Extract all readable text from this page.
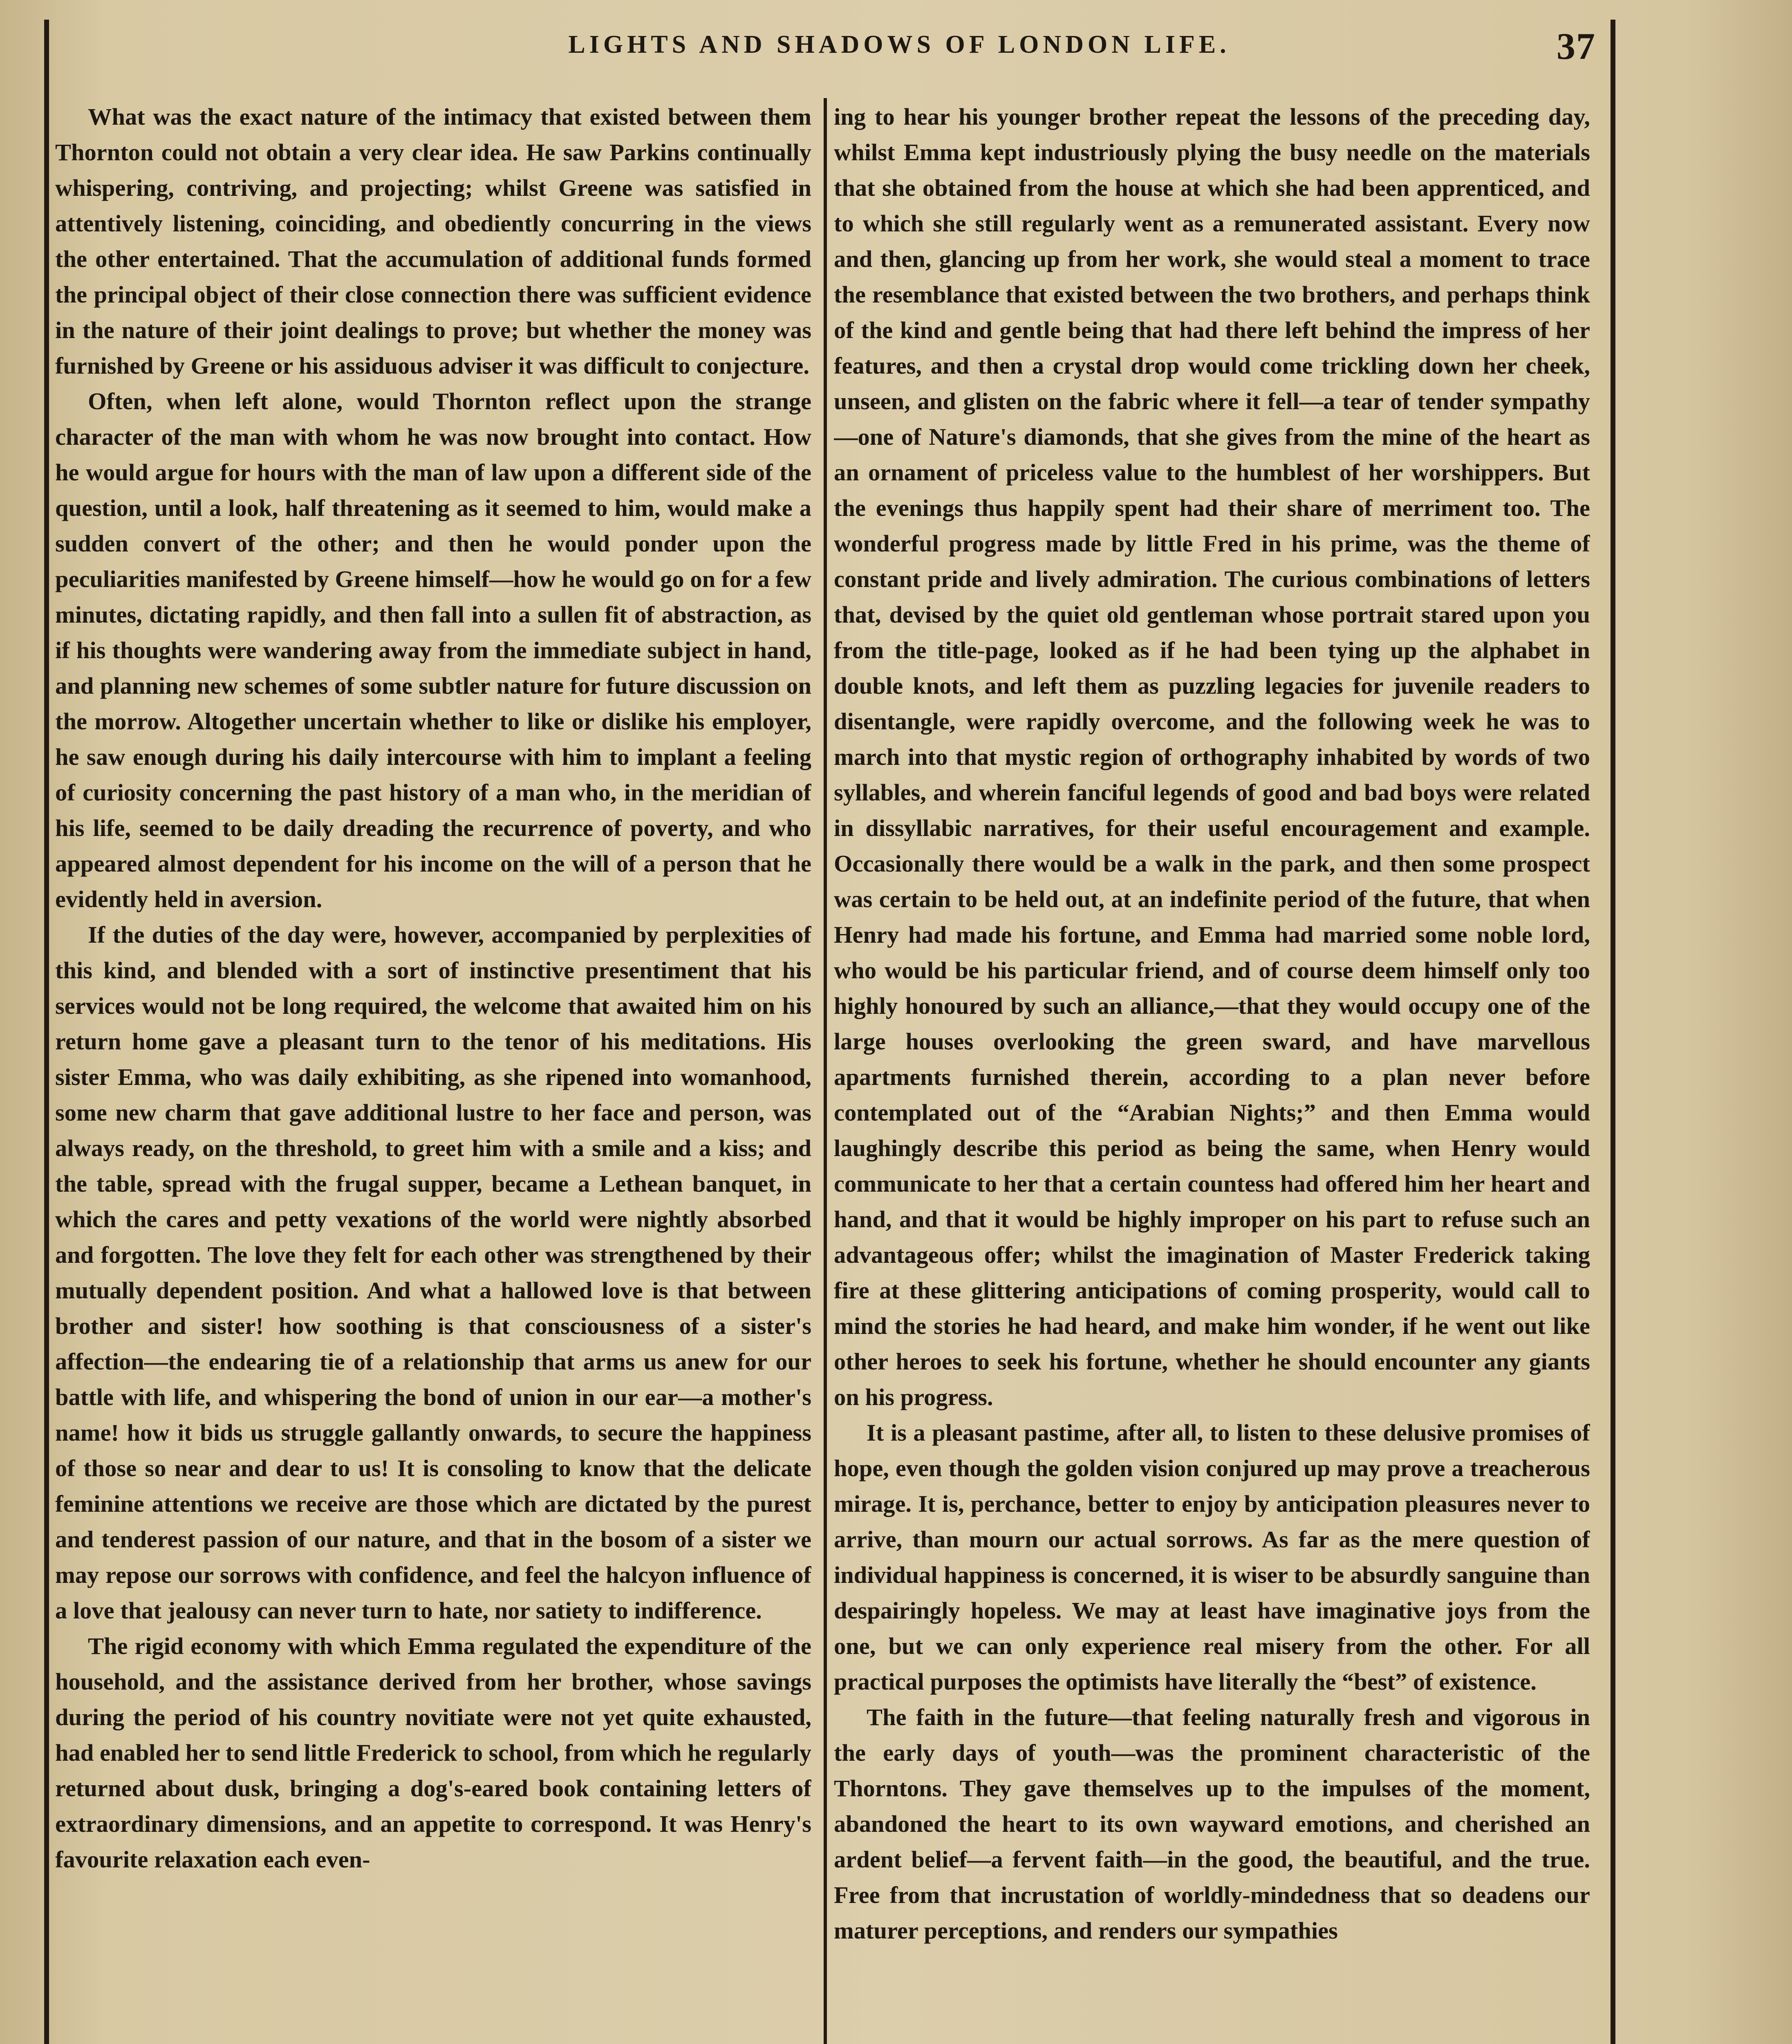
LIGHTS AND SHADOWS OF LONDON LIFE.	37

What was the exact nature of the intimacy that existed between them Thornton could not obtain a very clear idea. He saw Parkins continually whispering, contriving, and projecting; whilst Greene was satisfied in attentively listening, coinciding, and obediently concurring in the views the other entertained. That the accumulation of additional funds formed the principal object of their close connection there was sufficient evidence in the nature of their joint dealings to prove; but whether the money was furnished by Greene or his assiduous adviser it was difficult to conjecture.

Often, when left alone, would Thornton reflect upon the strange character of the man with whom he was now brought into contact. How he would argue for hours with the man of law upon a different side of the question, until a look, half threatening as it seemed to him, would make a sudden convert of the other; and then he would ponder upon the peculiarities manifested by Greene himself—how he would go on for a few minutes, dictating rapidly, and then fall into a sullen fit of abstraction, as if his thoughts were wandering away from the immediate subject in hand, and planning new schemes of some subtler nature for future discussion on the morrow. Altogether uncertain whether to like or dislike his employer, he saw enough during his daily intercourse with him to implant a feeling of curiosity concerning the past history of a man who, in the meridian of his life, seemed to be daily dreading the recurrence of poverty, and who appeared almost dependent for his income on the will of a person that he evidently held in aversion.

If the duties of the day were, however, accompanied by perplexities of this kind, and blended with a sort of instinctive presentiment that his services would not be long required, the welcome that awaited him on his return home gave a pleasant turn to the tenor of his meditations. His sister Emma, who was daily exhibiting, as she ripened into womanhood, some new charm that gave additional lustre to her face and person, was always ready, on the threshold, to greet him with a smile and a kiss; and the table, spread with the frugal supper, became a Lethean banquet, in which the cares and petty vexations of the world were nightly absorbed and forgotten. The love they felt for each other was strengthened by their mutually dependent position. And what a hallowed love is that between brother and sister! how soothing is that consciousness of a sister's affection—the endearing tie of a relationship that arms us anew for our battle with life, and whispering the bond of union in our ear—a mother's name! how it bids us struggle gallantly onwards, to secure the happiness of those so near and dear to us! It is consoling to know that the delicate feminine attentions we receive are those which are dictated by the purest and tenderest passion of our nature, and that in the bosom of a sister we may repose our sorrows with confidence, and feel the halcyon influence of a love that jealousy can never turn to hate, nor satiety to indifference.

The rigid economy with which Emma regulated the expenditure of the household, and the assistance derived from her brother, whose savings during the period of his country novitiate were not yet quite exhausted, had enabled her to send little Frederick to school, from which he regularly returned about dusk, bringing a dog's-eared book containing letters of extraordinary dimensions, and an appetite to correspond. It was Henry's favourite relaxation each even-

ing to hear his younger brother repeat the lessons of the preceding day, whilst Emma kept industriously plying the busy needle on the materials that she obtained from the house at which she had been apprenticed, and to which she still regularly went as a remunerated assistant. Every now and then, glancing up from her work, she would steal a moment to trace the resemblance that existed between the two brothers, and perhaps think of the kind and gentle being that had there left behind the impress of her features, and then a crystal drop would come trickling down her cheek, unseen, and glisten on the fabric where it fell—a tear of tender sympathy—one of Nature's diamonds, that she gives from the mine of the heart as an ornament of priceless value to the humblest of her worshippers. But the evenings thus happily spent had their share of merriment too. The wonderful progress made by little Fred in his prime, was the theme of constant pride and lively admiration. The curious combinations of letters that, devised by the quiet old gentleman whose portrait stared upon you from the title-page, looked as if he had been tying up the alphabet in double knots, and left them as puzzling legacies for juvenile readers to disentangle, were rapidly overcome, and the following week he was to march into that mystic region of orthography inhabited by words of two syllables, and wherein fanciful legends of good and bad boys were related in dissyllabic narratives, for their useful encouragement and example. Occasionally there would be a walk in the park, and then some prospect was certain to be held out, at an indefinite period of the future, that when Henry had made his fortune, and Emma had married some noble lord, who would be his particular friend, and of course deem himself only too highly honoured by such an alliance,—that they would occupy one of the large houses overlooking the green sward, and have marvellous apartments furnished therein, according to a plan never before contemplated out of the “Arabian Nights;” and then Emma would laughingly describe this period as being the same, when Henry would communicate to her that a certain countess had offered him her heart and hand, and that it would be highly improper on his part to refuse such an advantageous offer; whilst the imagination of Master Frederick taking fire at these glittering anticipations of coming prosperity, would call to mind the stories he had heard, and make him wonder, if he went out like other heroes to seek his fortune, whether he should encounter any giants on his progress.

It is a pleasant pastime, after all, to listen to these delusive promises of hope, even though the golden vision conjured up may prove a treacherous mirage. It is, perchance, better to enjoy by anticipation pleasures never to arrive, than mourn our actual sorrows. As far as the mere question of individual happiness is concerned, it is wiser to be absurdly sanguine than despairingly hopeless. We may at least have imaginative joys from the one, but we can only experience real misery from the other. For all practical purposes the optimists have literally the “best” of existence.

The faith in the future—that feeling naturally fresh and vigorous in the early days of youth—was the prominent characteristic of the Thorntons. They gave themselves up to the impulses of the moment, abandoned the heart to its own wayward emotions, and cherished an ardent belief—a fervent faith—in the good, the beautiful, and the true. Free from that incrustation of worldly-mindedness that so deadens our maturer perceptions, and renders our sympathies
